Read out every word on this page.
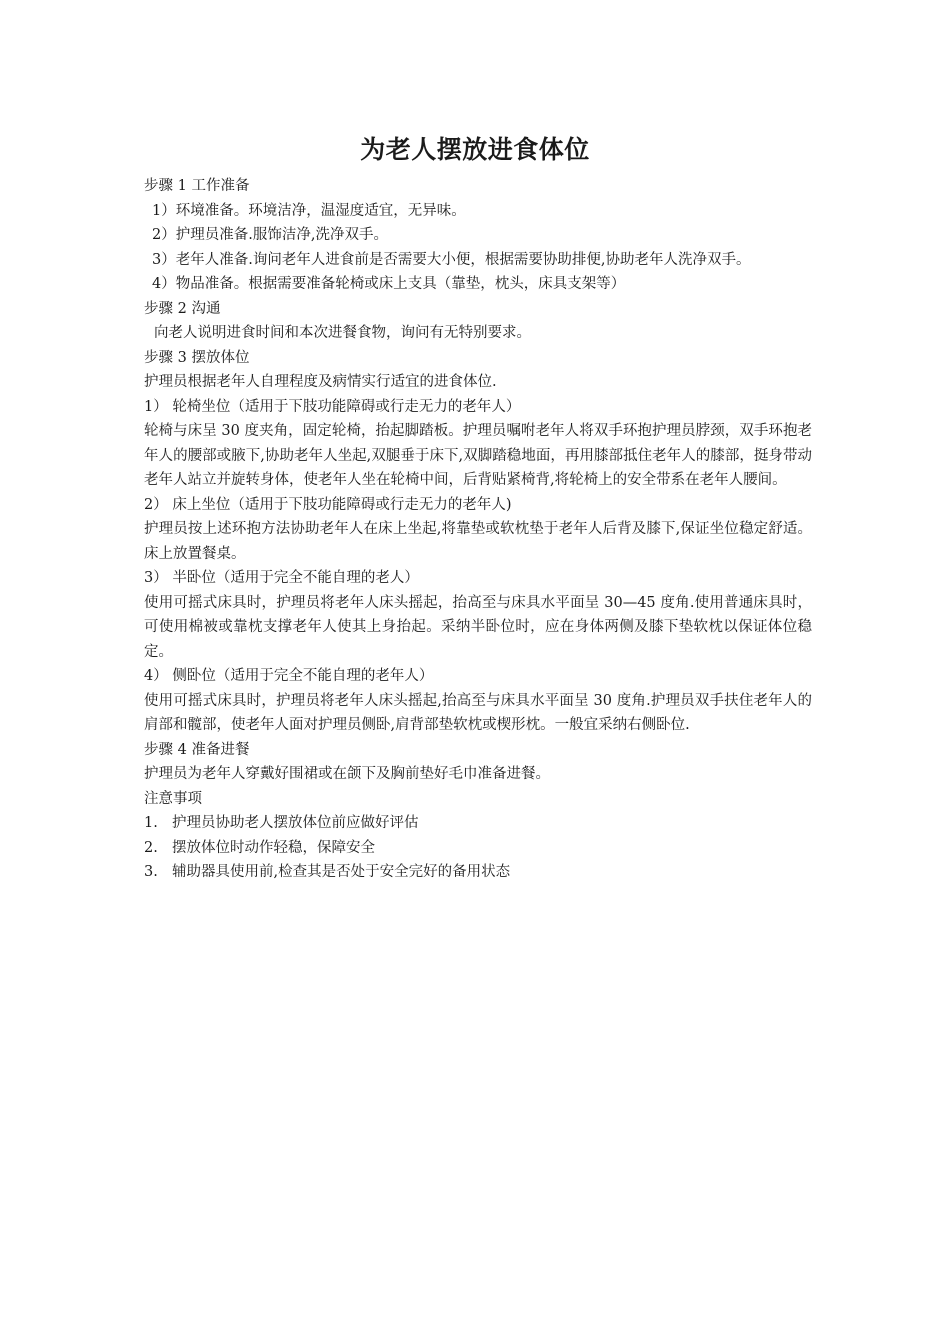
为老人摆放进食体位
步骤 1 工作准备
1）环境准备。环境洁净，温湿度适宜，无异味。
2）护理员准备.服饰洁净,洗净双手。
3）老年人准备.询问老年人进食前是否需要大小便，根据需要协助排便,协助老年人洗净双手。
4）物品准备。根据需要准备轮椅或床上支具（靠垫，枕头，床具支架等）
步骤 2 沟通
向老人说明进食时间和本次进餐食物，询问有无特别要求。
步骤 3 摆放体位
护理员根据老年人自理程度及病情实行适宜的进食体位.
1） 轮椅坐位（适用于下肢功能障碍或行走无力的老年人）
轮椅与床呈 30 度夹角，固定轮椅，抬起脚踏板。护理员嘱咐老年人将双手环抱护理员脖颈，双手环抱老年人的腰部或腋下,协助老年人坐起,双腿垂于床下,双脚踏稳地面，再用膝部抵住老年人的膝部，挺身带动老年人站立并旋转身体，使老年人坐在轮椅中间，后背贴紧椅背,将轮椅上的安全带系在老年人腰间。
2） 床上坐位（适用于下肢功能障碍或行走无力的老年人)
护理员按上述环抱方法协助老年人在床上坐起,将靠垫或软枕垫于老年人后背及膝下,保证坐位稳定舒适。床上放置餐桌。
3） 半卧位（适用于完全不能自理的老人）
使用可摇式床具时，护理员将老年人床头摇起，抬高至与床具水平面呈 30—45 度角.使用普通床具时，可使用棉被或靠枕支撑老年人使其上身抬起。采纳半卧位时，应在身体两侧及膝下垫软枕以保证体位稳定。
4） 侧卧位（适用于完全不能自理的老年人）
使用可摇式床具时，护理员将老年人床头摇起,抬高至与床具水平面呈 30 度角.护理员双手扶住老年人的肩部和髋部，使老年人面对护理员侧卧,肩背部垫软枕或楔形枕。一般宜采纳右侧卧位.
步骤 4 准备进餐
护理员为老年人穿戴好围裙或在颌下及胸前垫好毛巾准备进餐。
注意事项
1. 护理员协助老人摆放体位前应做好评估
2. 摆放体位时动作轻稳，保障安全
3. 辅助器具使用前,检查其是否处于安全完好的备用状态
